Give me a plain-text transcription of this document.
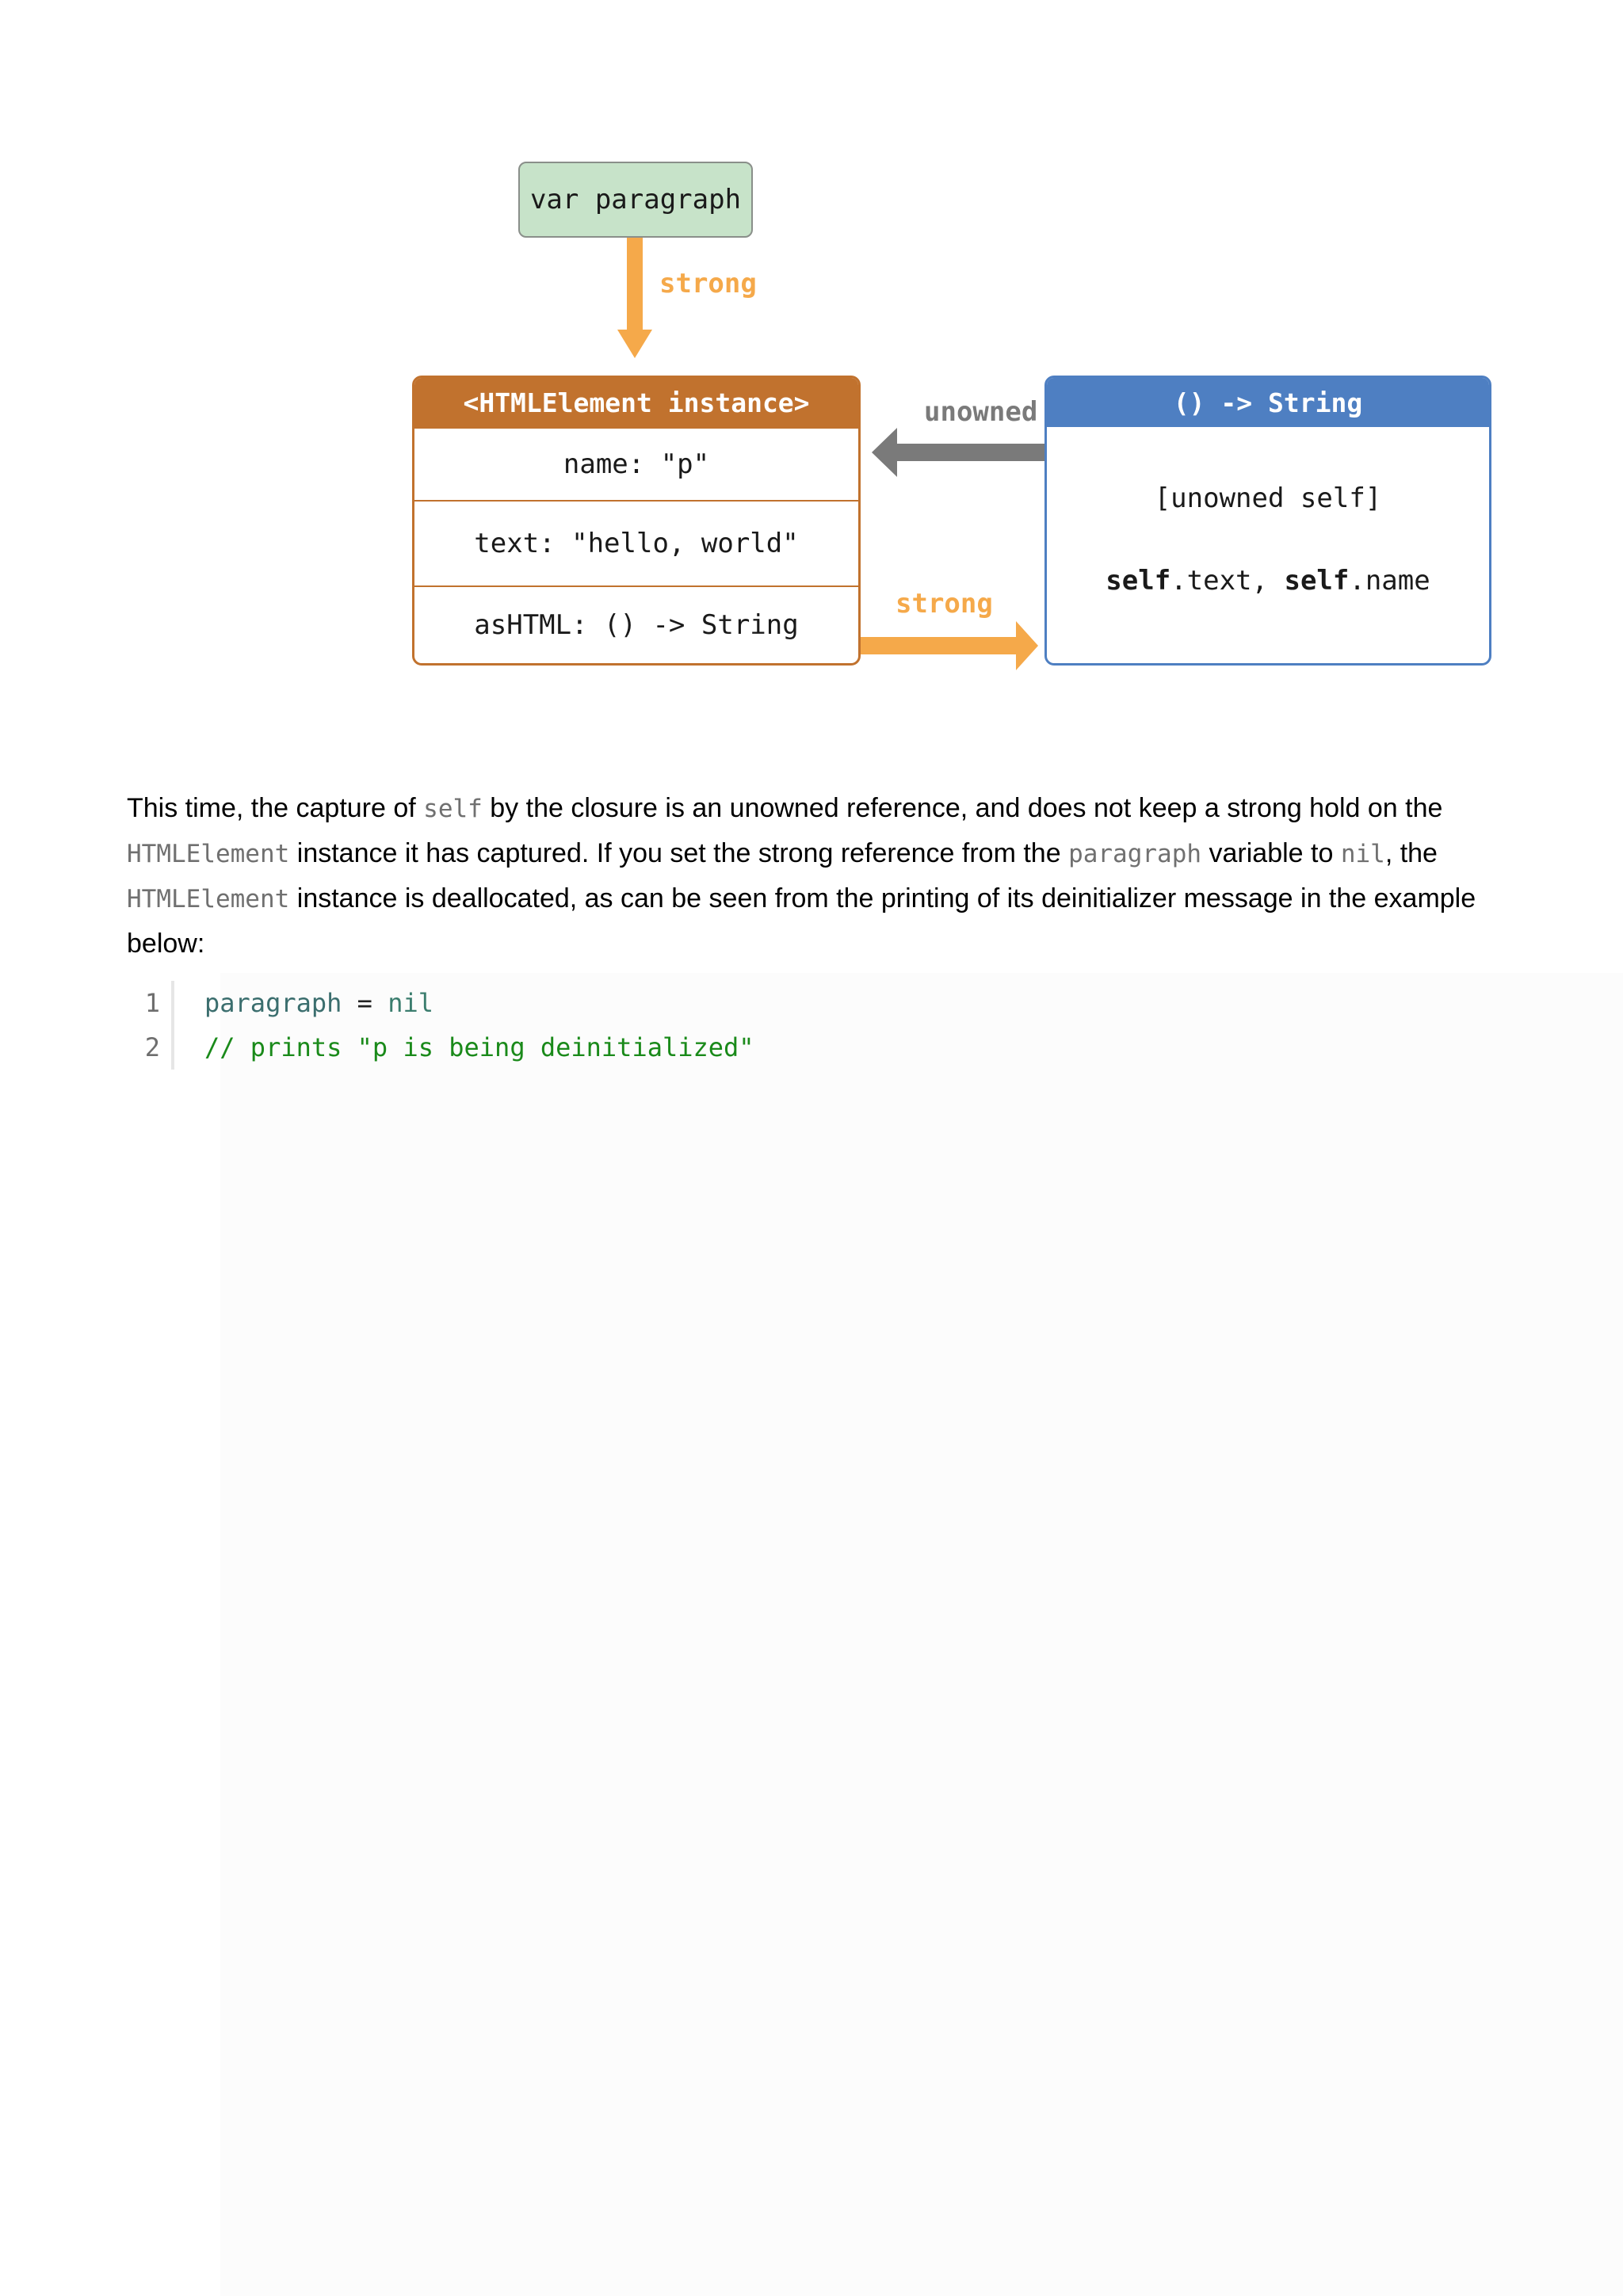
var paragraph
strong
<HTMLElement instance>
name: "p"
text: "hello, world"
asHTML: () -> String
unowned
strong
() -> String
[unowned self]
self.text, self.name

This time, the capture of self by the closure is an unowned reference, and does not keep a strong hold on the HTMLElement instance it has captured. If you set the strong reference from the paragraph variable to nil, the HTMLElement instance is deallocated, as can be seen from the printing of its deinitializer message in the example below:

1	paragraph = nil
2	// prints "p is being deinitialized"
